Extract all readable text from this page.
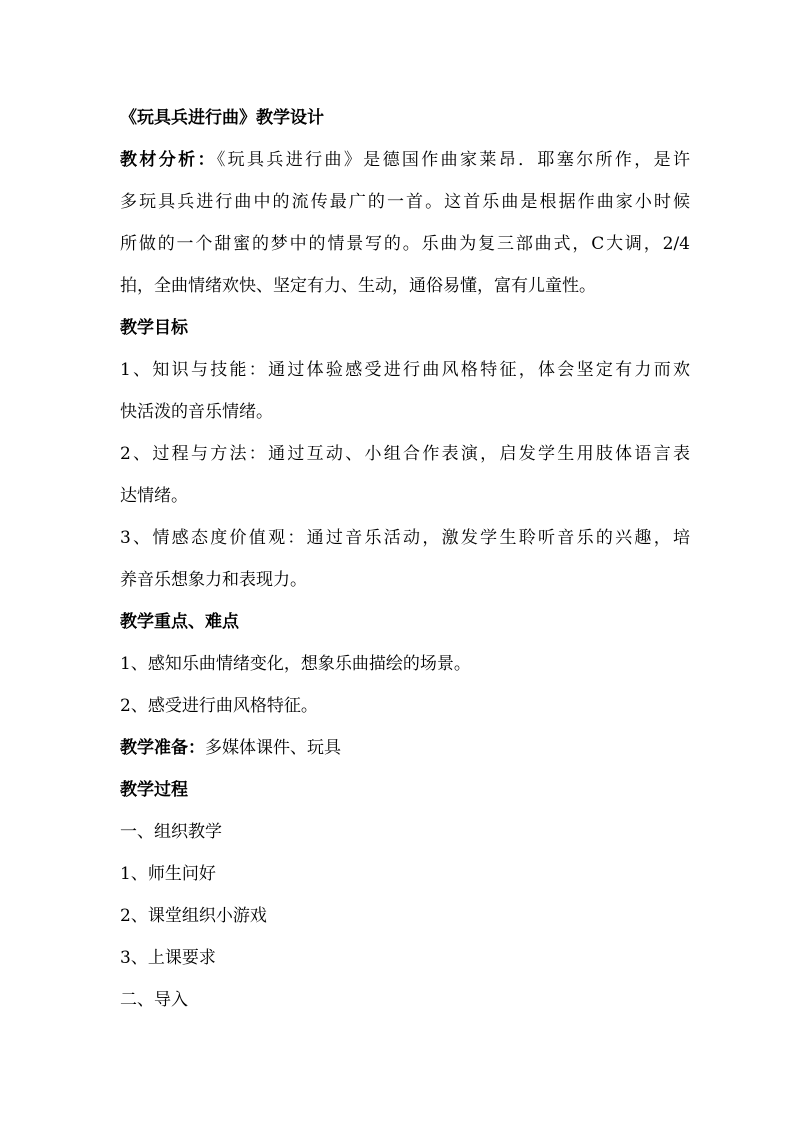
《玩具兵进行曲》教学设计
教材分析：《玩具兵进行曲》是德国作曲家莱昂．耶塞尔所作，是许
多玩具兵进行曲中的流传最广的一首。这首乐曲是根据作曲家小时候
所做的一个甜蜜的梦中的情景写的。乐曲为复三部曲式，C大调，2/4
拍，全曲情绪欢快、坚定有力、生动，通俗易懂，富有儿童性。
教学目标
1、知识与技能：通过体验感受进行曲风格特征，体会坚定有力而欢
快活泼的音乐情绪。
2、过程与方法：通过互动、小组合作表演，启发学生用肢体语言表
达情绪。
3、情感态度价值观：通过音乐活动，激发学生聆听音乐的兴趣，培
养音乐想象力和表现力。
教学重点、难点
1、感知乐曲情绪变化，想象乐曲描绘的场景。
2、感受进行曲风格特征。
教学准备：多媒体课件、玩具
教学过程
一、组织教学
1、师生问好
2、课堂组织小游戏
3、上课要求
二、导入
